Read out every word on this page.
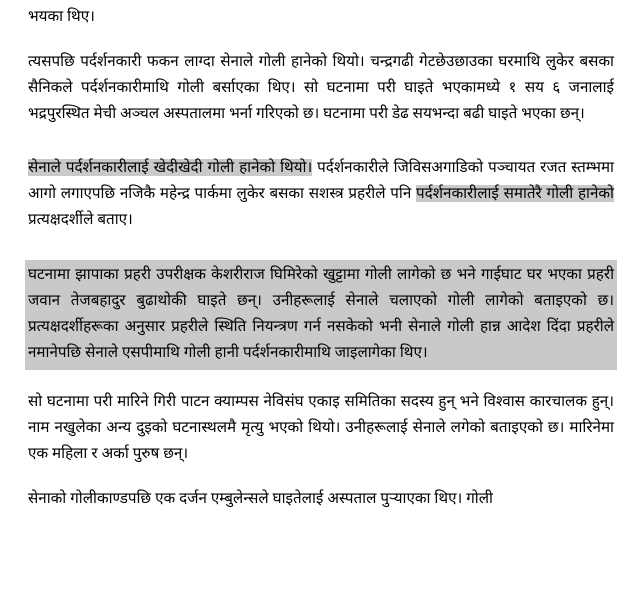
भयका थिए।

त्यसपछि पर्दर्शनकारी फकन लाग्दा सेनाले गोली हानेको थियो। चन्द्रगढी गेटछेउछाउका घरमाथि लुकेर बसका सैनिकले पर्दर्शनकारीमाथि गोली बर्साएका थिए। सो घटनामा परी घाइते भएकामध्ये १ सय ६ जनालाई भद्रपुरस्थित मेची अञ्चल अस्पतालमा भर्ना गरिएको छ। घटनामा परी डेढ सयभन्दा बढी घाइते भएका छन्।

सेनाले पर्दर्शनकारीलाई खेदीखेदी गोली हानेको थियो। पर्दर्शनकारीले जिविसअगाडिको पञ्चायत रजत स्तम्भमा आगो लगाएपछि नजिकै महेन्द्र पार्कमा लुकेर बसका सशस्त्र प्रहरीले पनि पर्दर्शनकारीलाई समातेरै गोली हानेको प्रत्यक्षदर्शीले बताए।

घटनामा झापाका प्रहरी उपरीक्षक केशरीराज घिमिरेको खुट्टामा गोली लागेको छ भने गाईघाट घर भएका प्रहरी जवान तेजबहादुर बुढाथोकी घाइते छन्। उनीहरूलाई सेनाले चलाएको गोली लागेको बताइएको छ। प्रत्यक्षदर्शीहरूका अनुसार प्रहरीले स्थिति नियन्त्रण गर्न नसकेको भनी सेनाले गोली हान्न आदेश दिंदा प्रहरीले नमानेपछि सेनाले एसपीमाथि गोली हानी पर्दर्शनकारीमाथि जाइलागेका थिए।

सो घटनामा परी मारिने गिरी पाटन क्याम्पस नेविसंघ एकाइ समितिका सदस्य हुन् भने विश्वास कारचालक हुन्। नाम नखुलेका अन्य दुइको घटनास्थलमै मृत्यु भएको थियो। उनीहरूलाई सेनाले लगेको बताइएको छ। मारिनेमा एक महिला र अर्का पुरुष छन्।

सेनाको गोलीकाण्डपछि एक दर्जन एम्बुलेन्सले घाइतेलाई अस्पताल पुऱ्याएका थिए। गोली
